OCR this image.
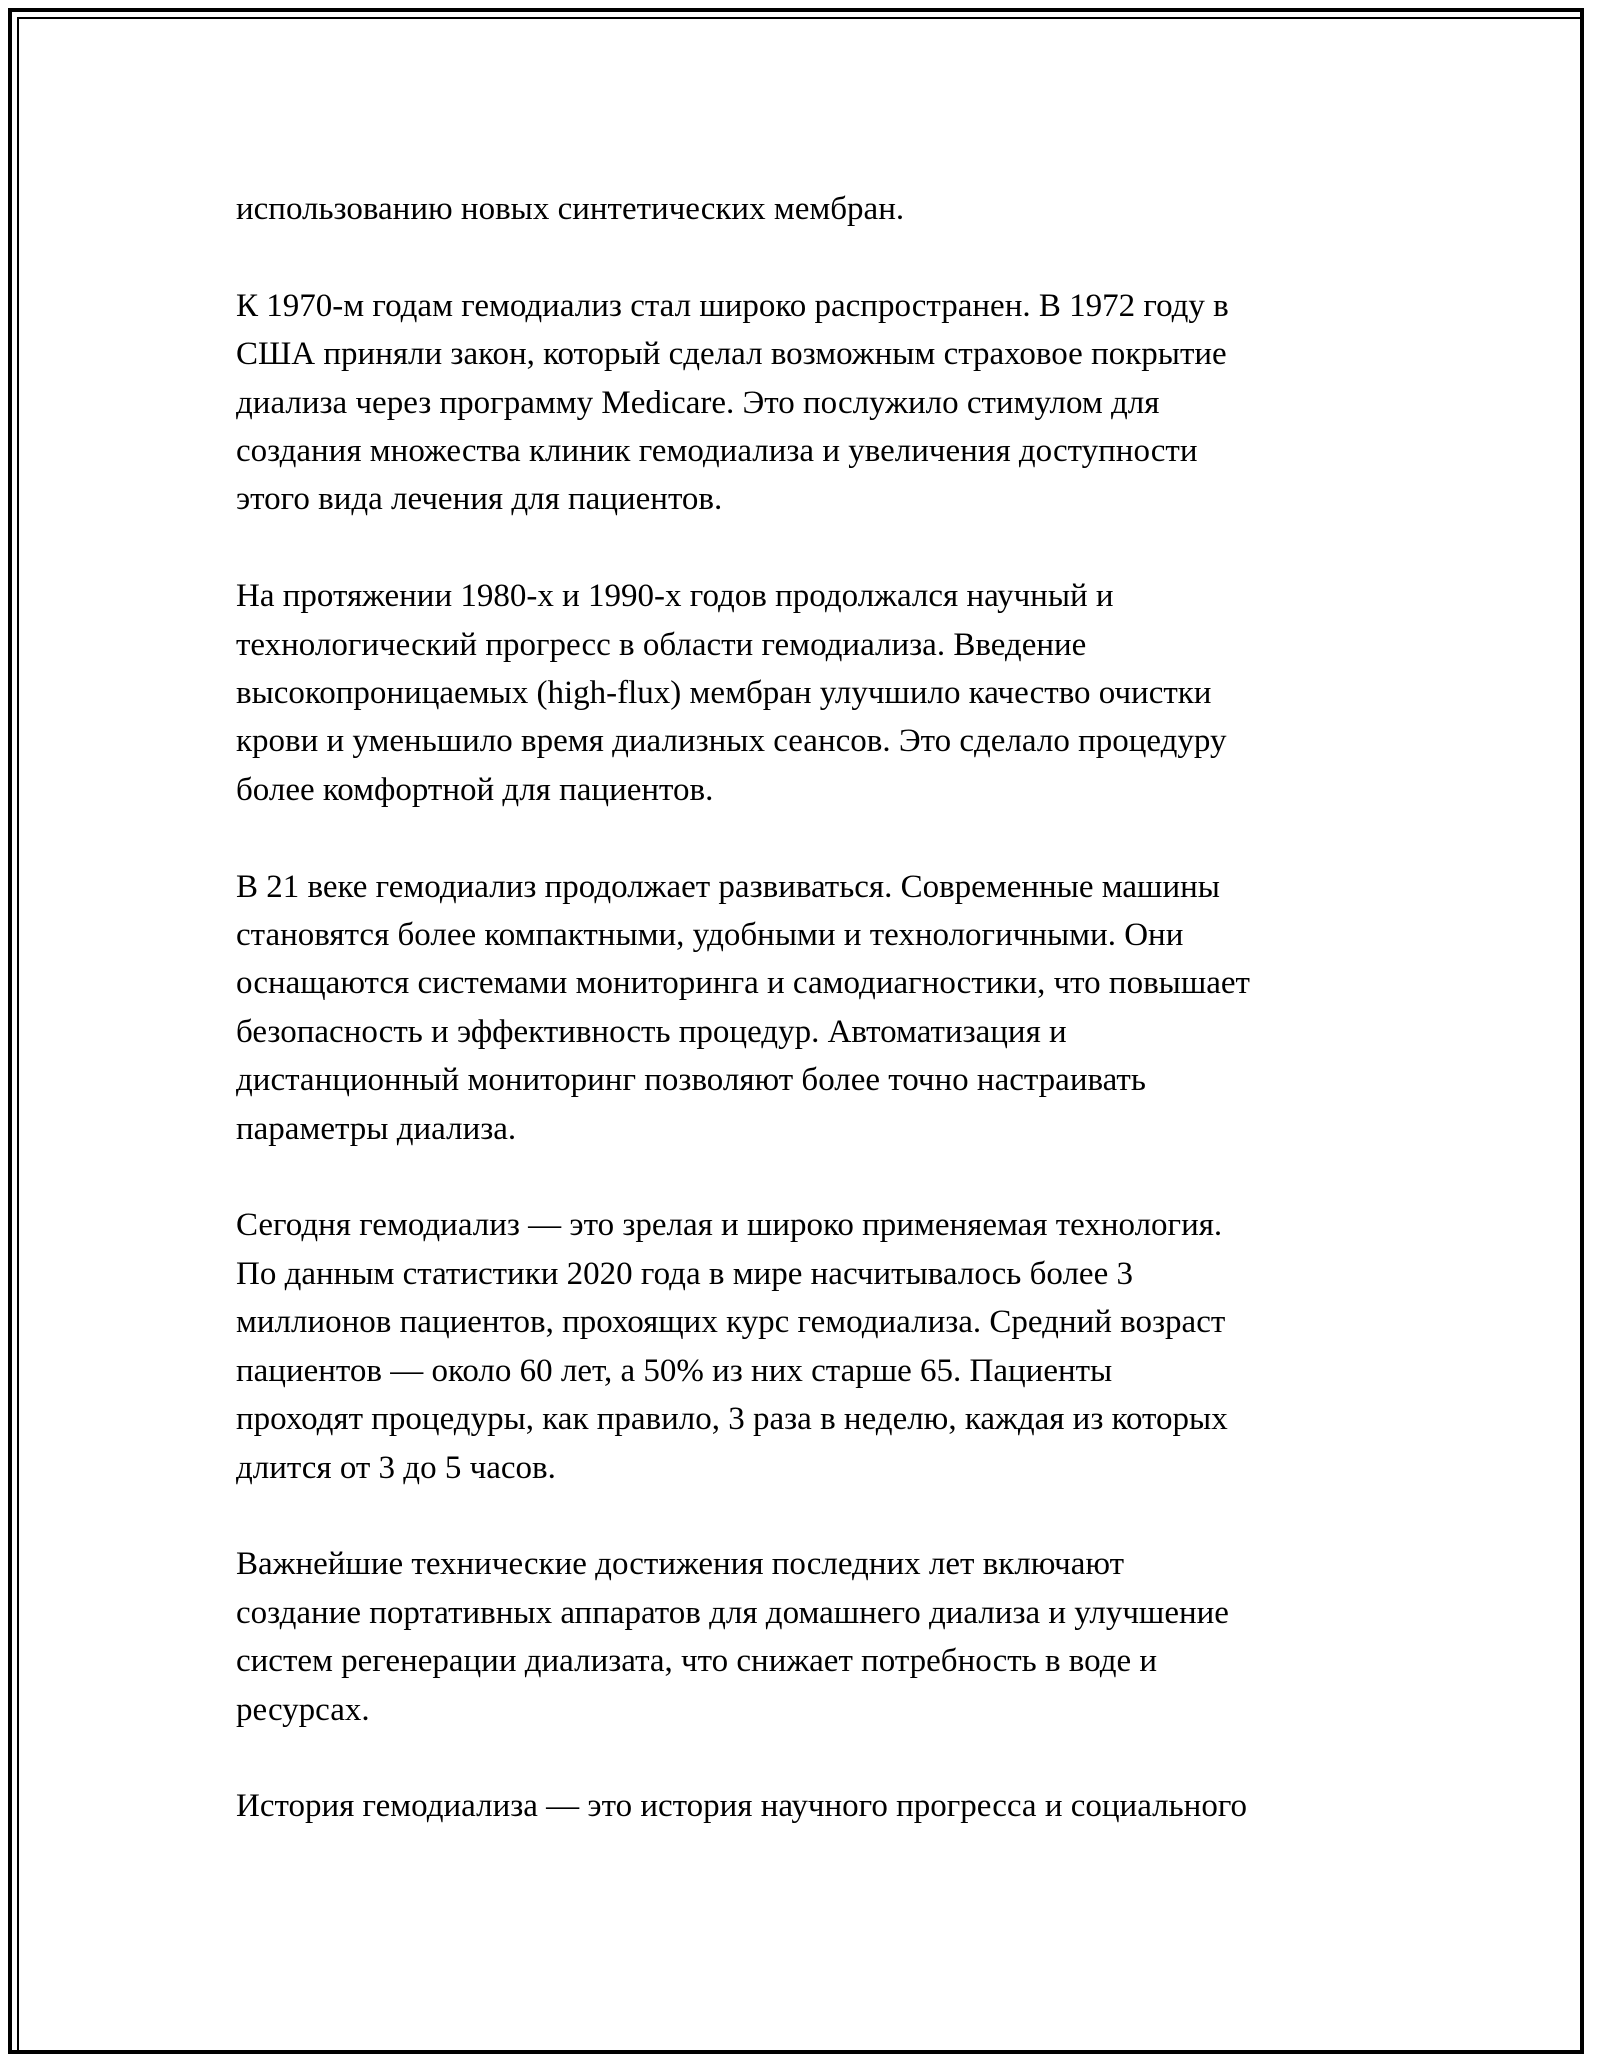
использованию новых синтетических мембран.
К 1970-м годам гемодиализ стал широко распространен. В 1972 году в
США приняли закон, который сделал возможным страховое покрытие
диализа через программу Medicare. Это послужило стимулом для
создания множества клиник гемодиализа и увеличения доступности
этого вида лечения для пациентов.
На протяжении 1980-х и 1990-х годов продолжался научный и
технологический прогресс в области гемодиализа. Введение
высокопроницаемых (high-flux) мембран улучшило качество очистки
крови и уменьшило время диализных сеансов. Это сделало процедуру
более комфортной для пациентов.
В 21 веке гемодиализ продолжает развиваться. Современные машины
становятся более компактными, удобными и технологичными. Они
оснащаются системами мониторинга и самодиагностики, что повышает
безопасность и эффективность процедур. Автоматизация и
дистанционный мониторинг позволяют более точно настраивать
параметры диализа.
Сегодня гемодиализ — это зрелая и широко применяемая технология.
По данным статистики 2020 года в мире насчитывалось более 3
миллионов пациентов, прохоящих курс гемодиализа. Средний возраст
пациентов — около 60 лет, а 50% из них старше 65. Пациенты
проходят процедуры, как правило, 3 раза в неделю, каждая из которых
длится от 3 до 5 часов.
Важнейшие технические достижения последних лет включают
создание портативных аппаратов для домашнего диализа и улучшение
систем регенерации диализата, что снижает потребность в воде и
ресурсах.
История гемодиализа — это история научного прогресса и социального
